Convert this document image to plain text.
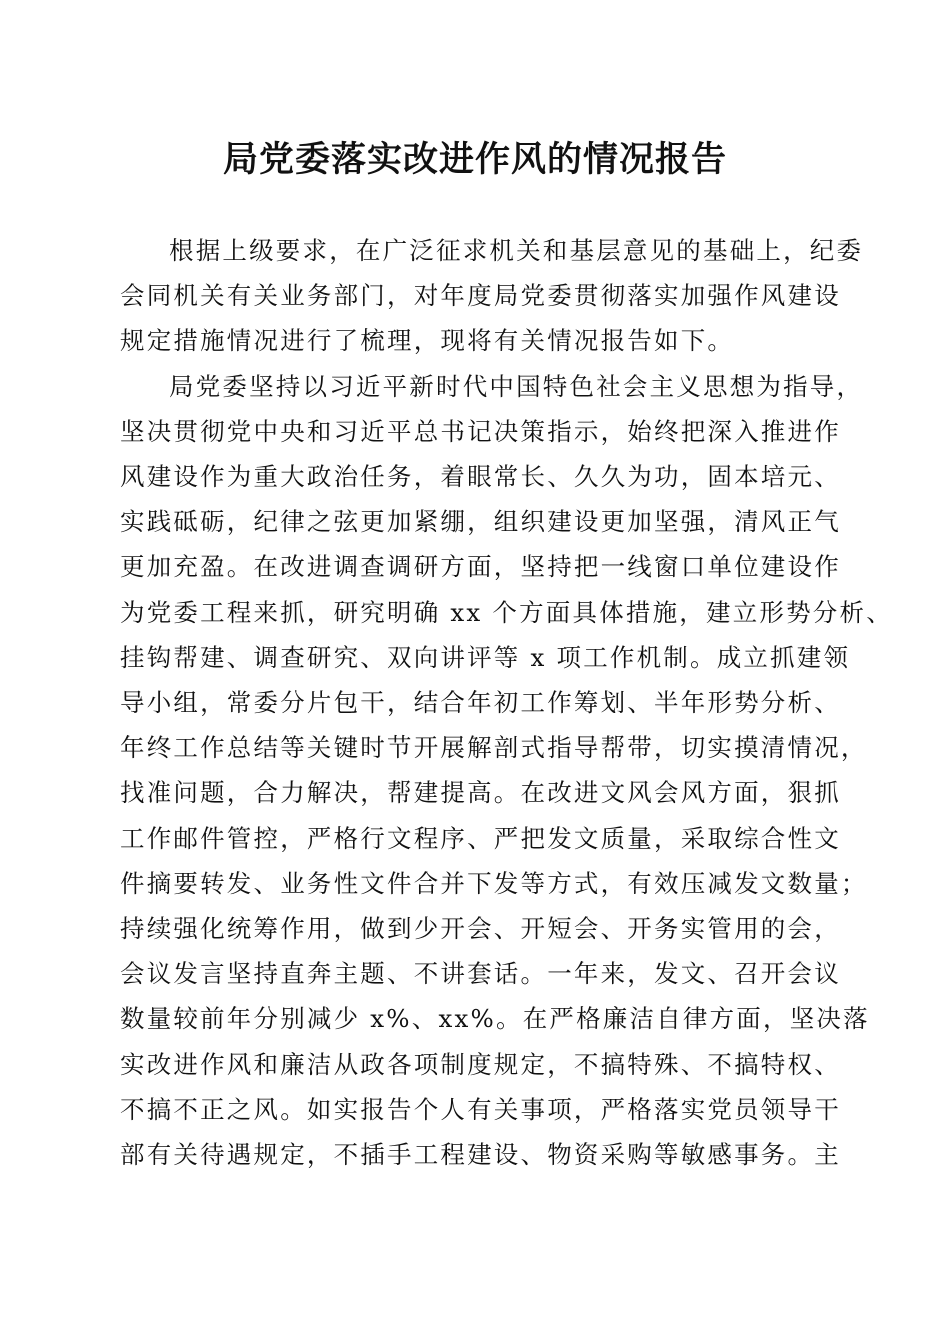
局党委落实改进作风的情况报告

根据上级要求，在广泛征求机关和基层意见的基础上，纪委
会同机关有关业务部门，对年度局党委贯彻落实加强作风建设
规定措施情况进行了梳理，现将有关情况报告如下。

局党委坚持以习近平新时代中国特色社会主义思想为指导，
坚决贯彻党中央和习近平总书记决策指示，始终把深入推进作
风建设作为重大政治任务，着眼常长、久久为功，固本培元、
实践砥砺，纪律之弦更加紧绷，组织建设更加坚强，清风正气
更加充盈。在改进调查调研方面，坚持把一线窗口单位建设作
为党委工程来抓，研究明确 xx 个方面具体措施，建立形势分析、
挂钩帮建、调查研究、双向讲评等 x 项工作机制。成立抓建领
导小组，常委分片包干，结合年初工作筹划、半年形势分析、
年终工作总结等关键时节开展解剖式指导帮带，切实摸清情况，
找准问题，合力解决，帮建提高。在改进文风会风方面，狠抓
工作邮件管控，严格行文程序、严把发文质量，采取综合性文
件摘要转发、业务性文件合并下发等方式，有效压减发文数量；
持续强化统筹作用，做到少开会、开短会、开务实管用的会，
会议发言坚持直奔主题、不讲套话。一年来，发文、召开会议
数量较前年分别减少 x%、xx%。在严格廉洁自律方面，坚决落
实改进作风和廉洁从政各项制度规定，不搞特殊、不搞特权、
不搞不正之风。如实报告个人有关事项，严格落实党员领导干
部有关待遇规定，不插手工程建设、物资采购等敏感事务。主
